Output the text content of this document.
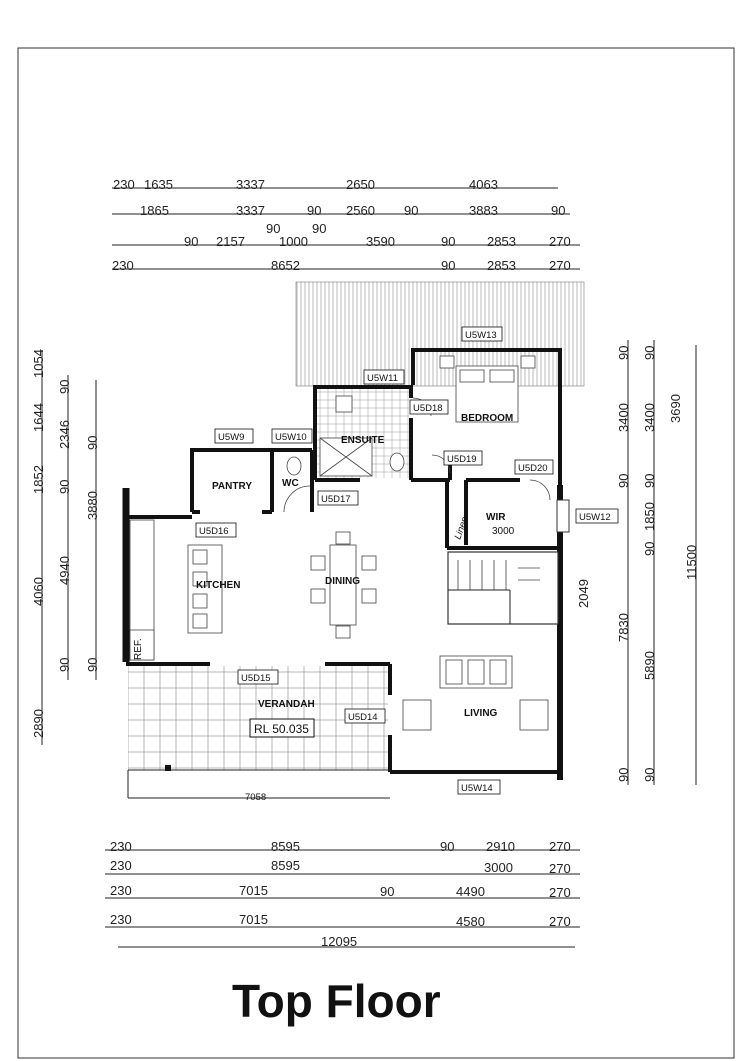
230 1635	3337	2650	4063
1865	3337	90 2560 90	3883	90
90 90
90 2157	1000	3590	90 2853	270
230	8652	90 2853	270
1054
1852
4060
2890
1644
90
4940
90
90
2346 90
3880
90
90
3400
90
2049
7830
90
90
3400
90
1850
90
5890
90
3690
11500
BEDROOM
ENSUITE
PANTRY	WC
WIR
3000
KITCHEN	DINING
LIVING
VERANDAH
REF.
Linen
RL 50.035
U5W13
U5W11
U5D18
U5W9	U5W10
U5D19
U5D20
U5D17
U5W12
U5D16
U5D15
U5D14
U5W14
7058
230	8595	90 2910	270
230	8595	3000	270
230	7015	90	4490	270
230	7015	4580	270
12095
Top Floor
